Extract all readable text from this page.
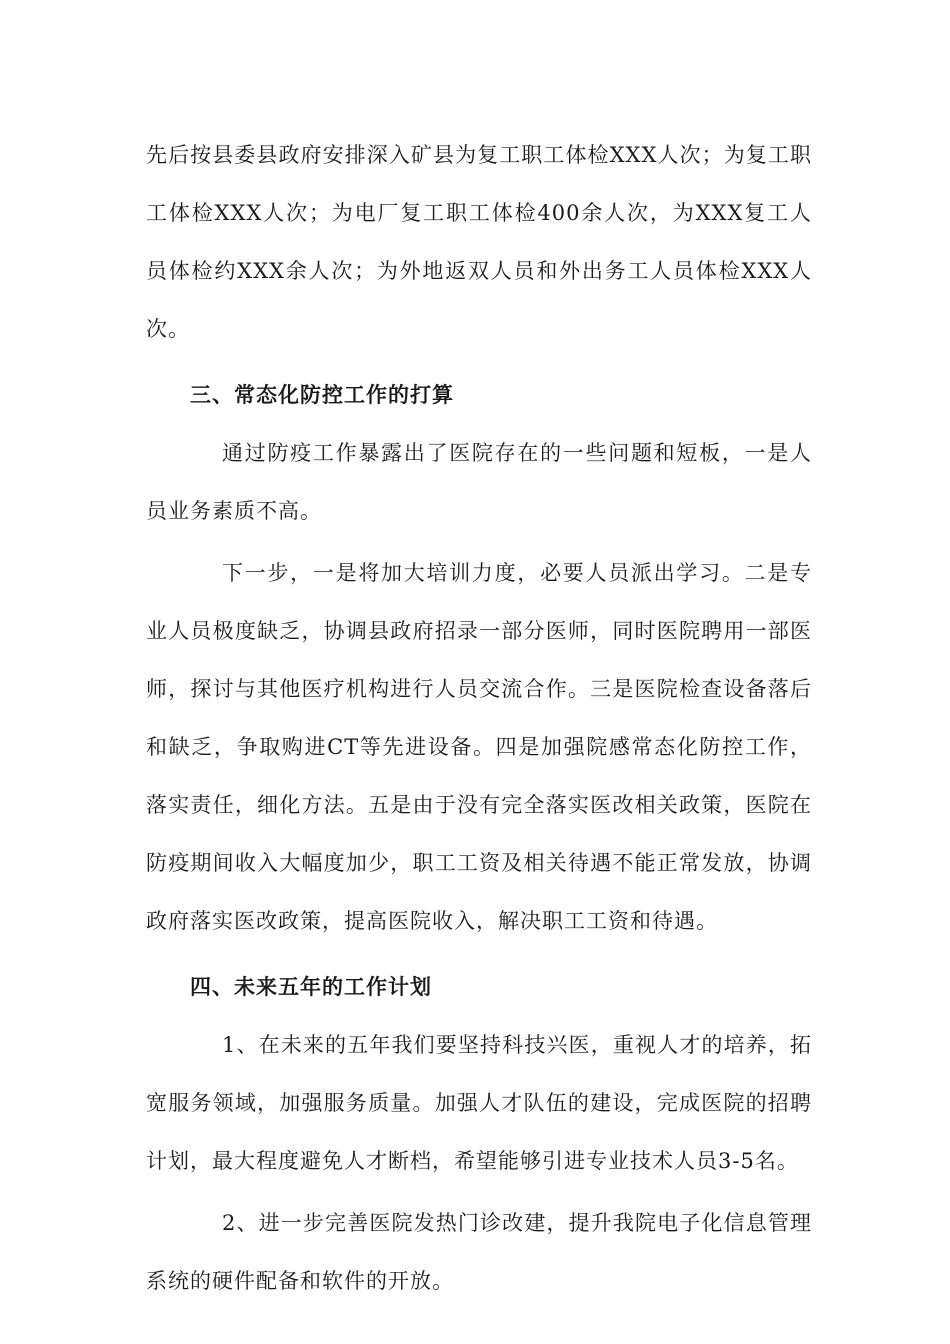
先后按县委县政府安排深入矿县为复工职工体检XXX人次；为复工职工体检XXX人次；为电厂复工职工体检400余人次，为XXX复工人员体检约XXX余人次；为外地返双人员和外出务工人员体检XXX人次。

三、常态化防控工作的打算

通过防疫工作暴露出了医院存在的一些问题和短板，一是人员业务素质不高。

下一步，一是将加大培训力度，必要人员派出学习。二是专业人员极度缺乏，协调县政府招录一部分医师，同时医院聘用一部医师，探讨与其他医疗机构进行人员交流合作。三是医院检查设备落后和缺乏，争取购进CT等先进设备。四是加强院感常态化防控工作，落实责任，细化方法。五是由于没有完全落实医改相关政策，医院在防疫期间收入大幅度加少，职工工资及相关待遇不能正常发放，协调政府落实医改政策，提高医院收入，解决职工工资和待遇。

四、未来五年的工作计划

1、在未来的五年我们要坚持科技兴医，重视人才的培养，拓宽服务领域，加强服务质量。加强人才队伍的建设，完成医院的招聘计划，最大程度避免人才断档，希望能够引进专业技术人员3-5名。

2、进一步完善医院发热门诊改建，提升我院电子化信息管理系统的硬件配备和软件的开放。
